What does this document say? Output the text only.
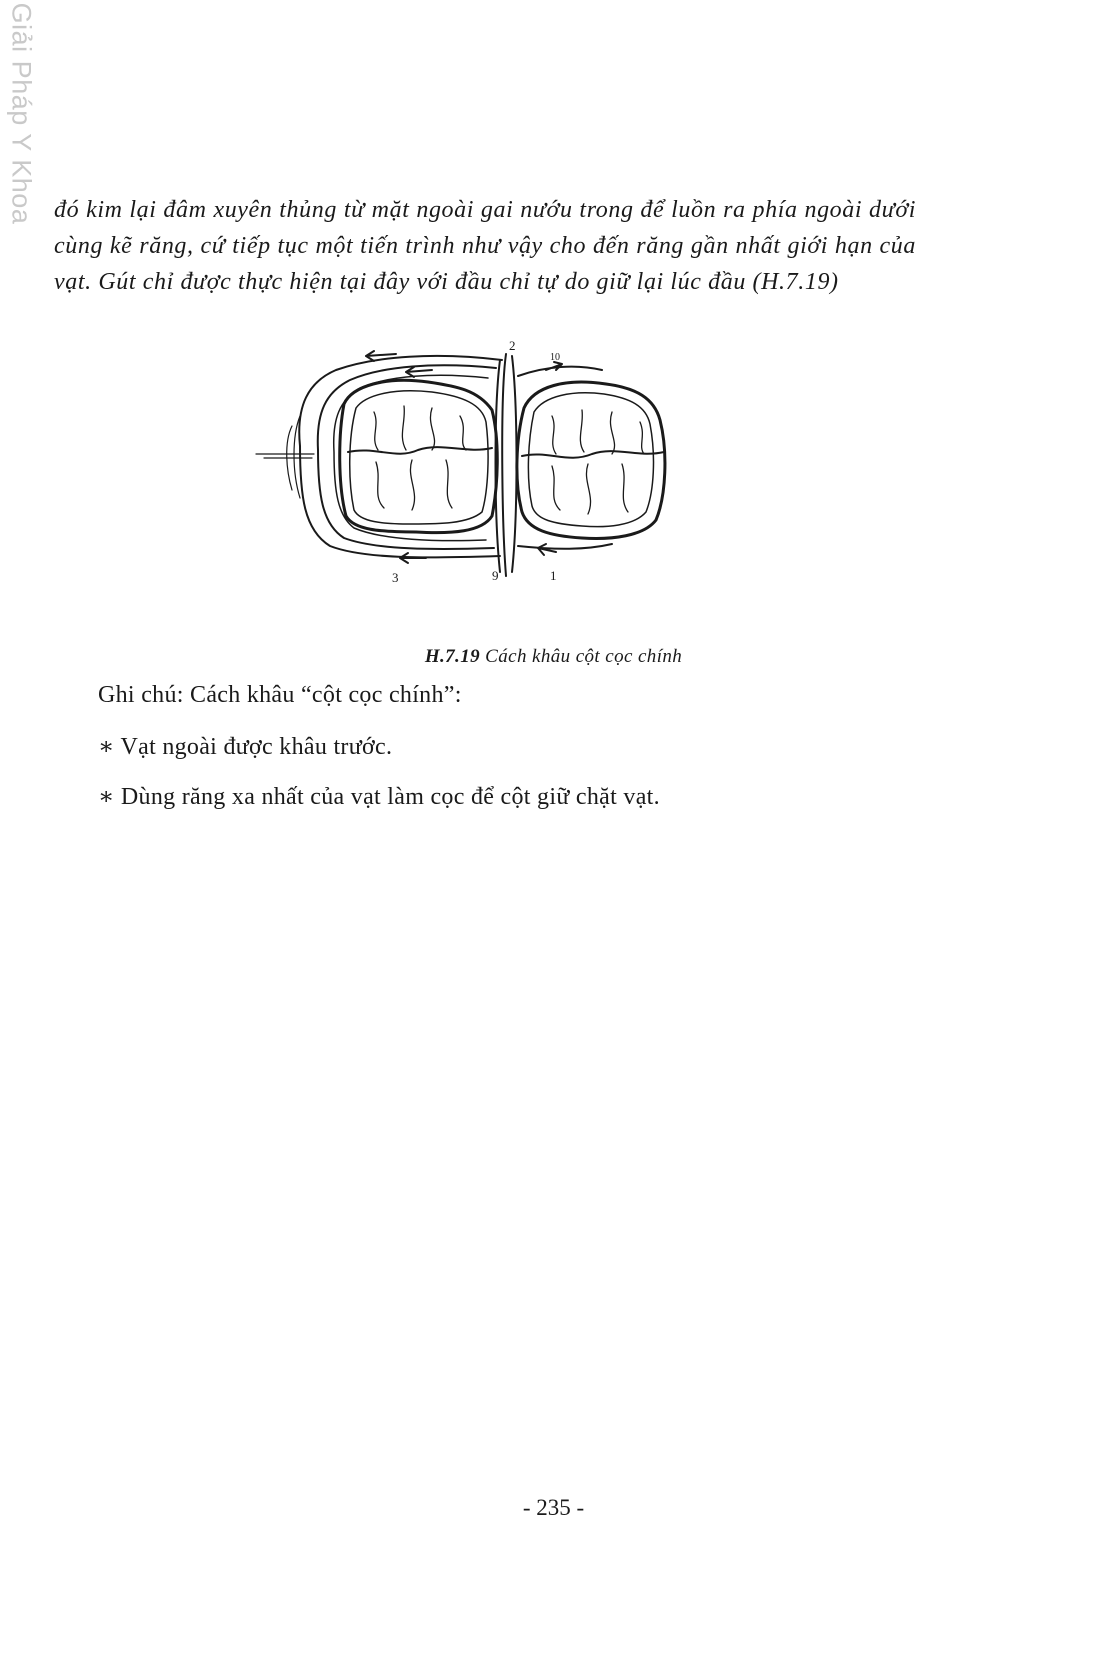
Giải Pháp Y Khoa đó kim lại đâm xuyên thủng từ mặt ngoài gai nướu trong để luồn ra phía ngoài dưới cùng kẽ răng, cứ tiếp tục một tiến trình như vậy cho đến răng gần nhất giới hạn của vạt. Gút chỉ được thực hiện tại đây với đầu chỉ tự do giữ lại lúc đầu (H.7.19)

2
10
3	9	1
H.7.19 Cách khâu cột cọc chính

Ghi chú: Cách khâu “cột cọc chính”:

∗ Vạt ngoài được khâu trước.

∗ Dùng răng xa nhất của vạt làm cọc để cột giữ chặt vạt.

- 235 -
